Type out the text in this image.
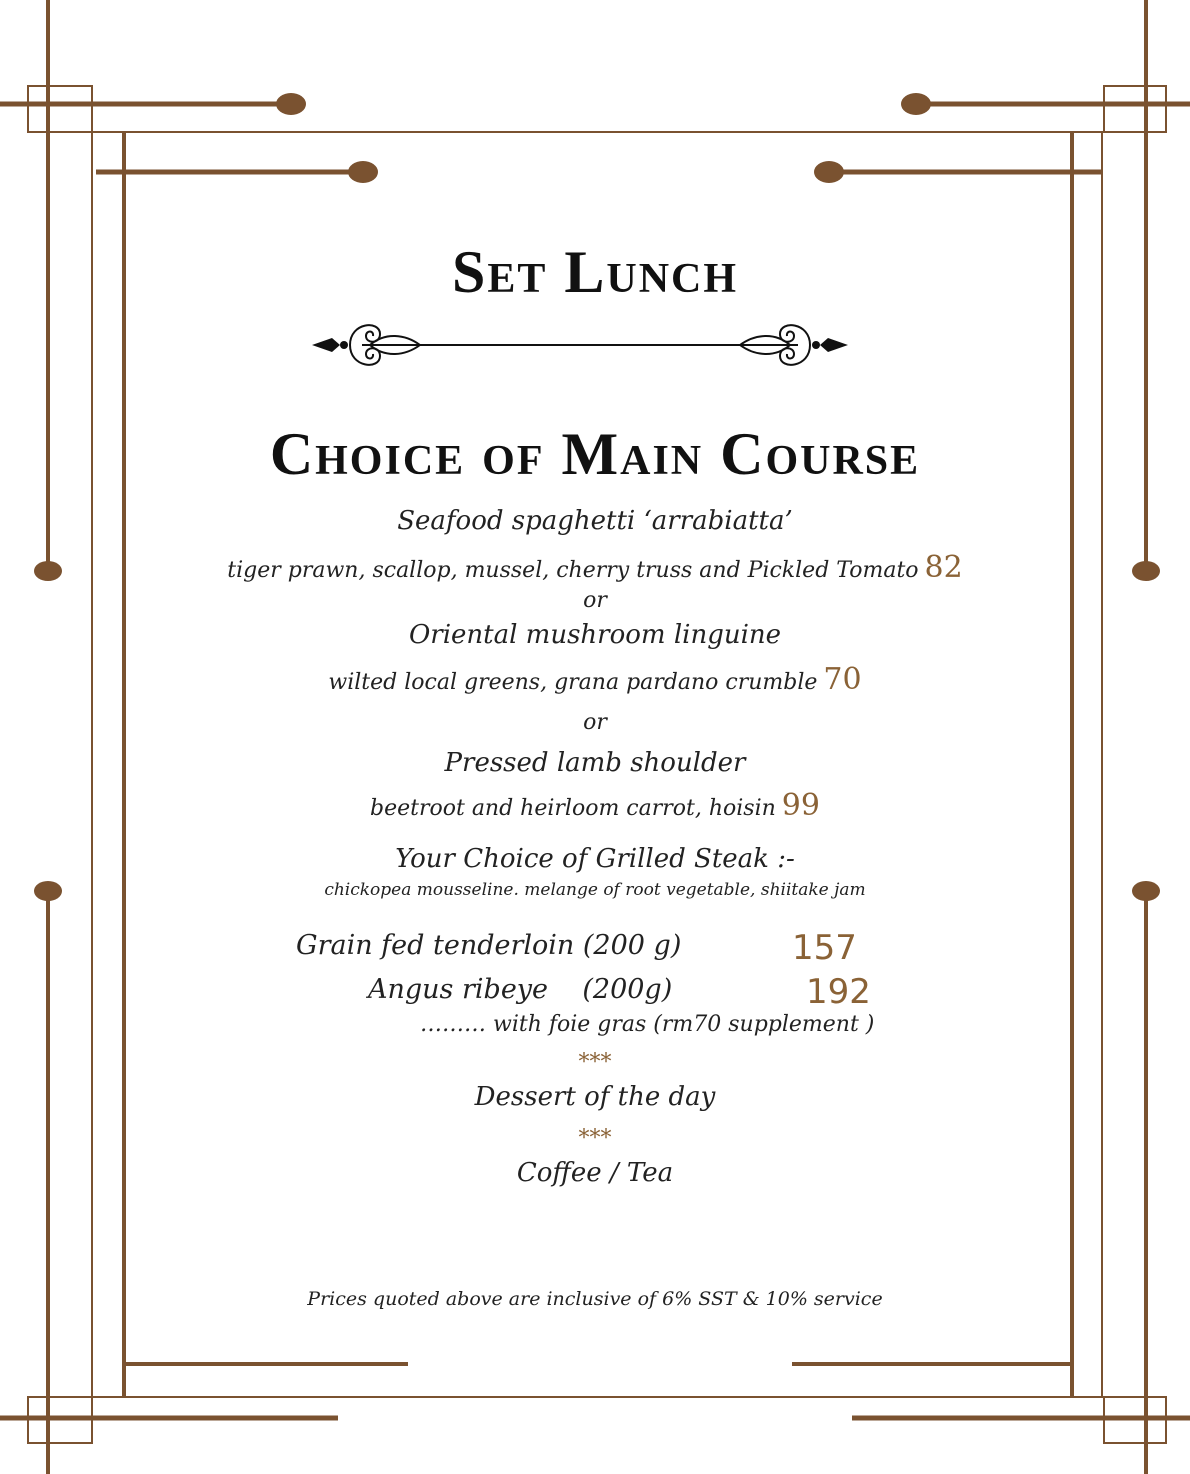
Set Lunch
Choice of Main Course
Seafood spaghetti ‘arrabiatta’
tiger prawn, scallop, mussel, cherry truss and Pickled Tomato 82
or
Oriental mushroom linguine
wilted local greens, grana pardano crumble 70
or
Pressed lamb shoulder
beetroot and heirloom carrot, hoisin 99
Your Choice of Grilled Steak :-
chickopea mousseline. melange of root vegetable, shiitake jam
Grain fed tenderloin (200 g)	157
Angus ribeye    (200g)	192
……… with foie gras (rm70 supplement )
***
Dessert of the day
***
Coffee / Tea
Prices quoted above are inclusive of 6% SST & 10% service
